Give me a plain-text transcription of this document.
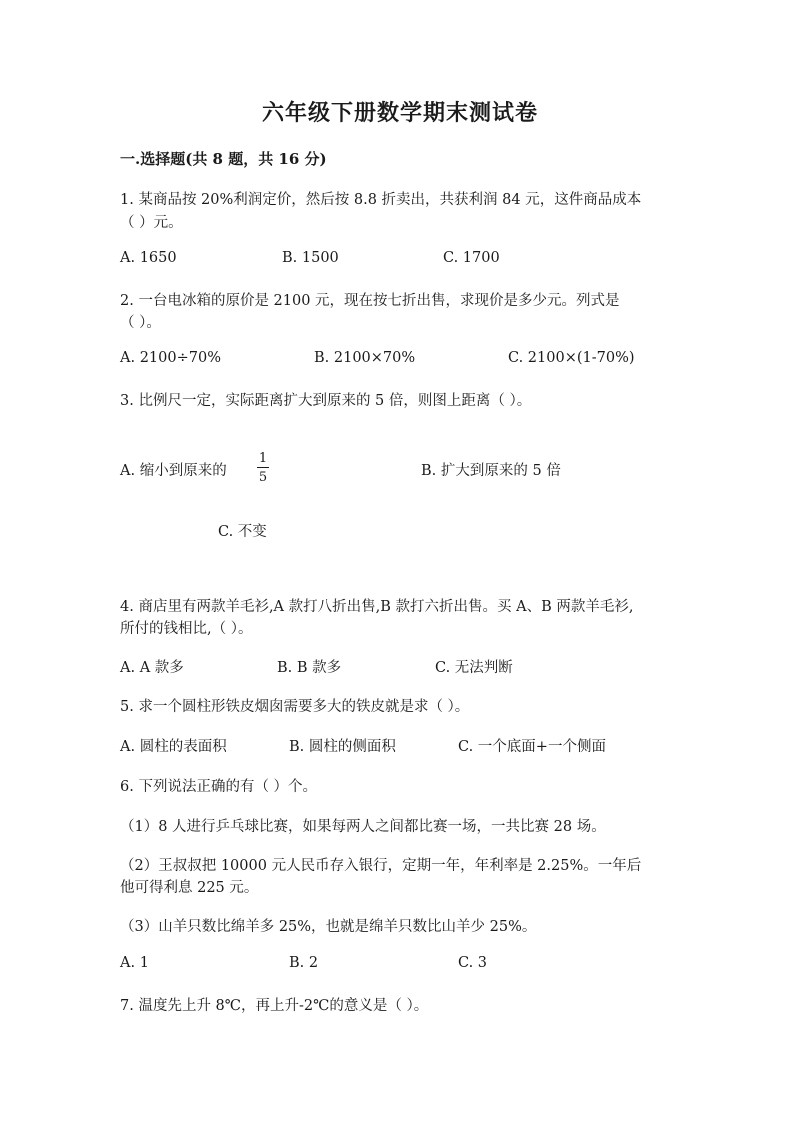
六年级下册数学期末测试卷
一.选择题(共 8 题，共 16 分)
1. 某商品按 20%利润定价，然后按 8.8 折卖出，共获利润 84 元，这件商品成本
（ ）元。
A. 1650	B. 1500	C. 1700
2. 一台电冰箱的原价是 2100 元，现在按七折出售，求现价是多少元。列式是
（ ）。
A. 2100÷70%	B. 2100×70%	C. 2100×(1-70%)
3. 比例尺一定，实际距离扩大到原来的 5 倍，则图上距离（ ）。
A. 缩小到原来的
1
5	B. 扩大到原来的 5 倍
C. 不变
4. 商店里有两款羊毛衫,A 款打八折出售,B 款打六折出售。买 A、B 两款羊毛衫,
所付的钱相比,（ ）。
A. A 款多	B. B 款多	C. 无法判断
5. 求一个圆柱形铁皮烟囱需要多大的铁皮就是求（ ）。
A. 圆柱的表面积	B. 圆柱的侧面积	C. 一个底面+一个侧面
6. 下列说法正确的有（ ）个。
（1）8 人进行乒乓球比赛，如果每两人之间都比赛一场，一共比赛 28 场。
（2）王叔叔把 10000 元人民币存入银行，定期一年，年利率是 2.25%。一年后
他可得利息 225 元。
（3）山羊只数比绵羊多 25%，也就是绵羊只数比山羊少 25%。
A. 1	B. 2	C. 3
7. 温度先上升 8℃，再上升-2℃的意义是（ ）。
